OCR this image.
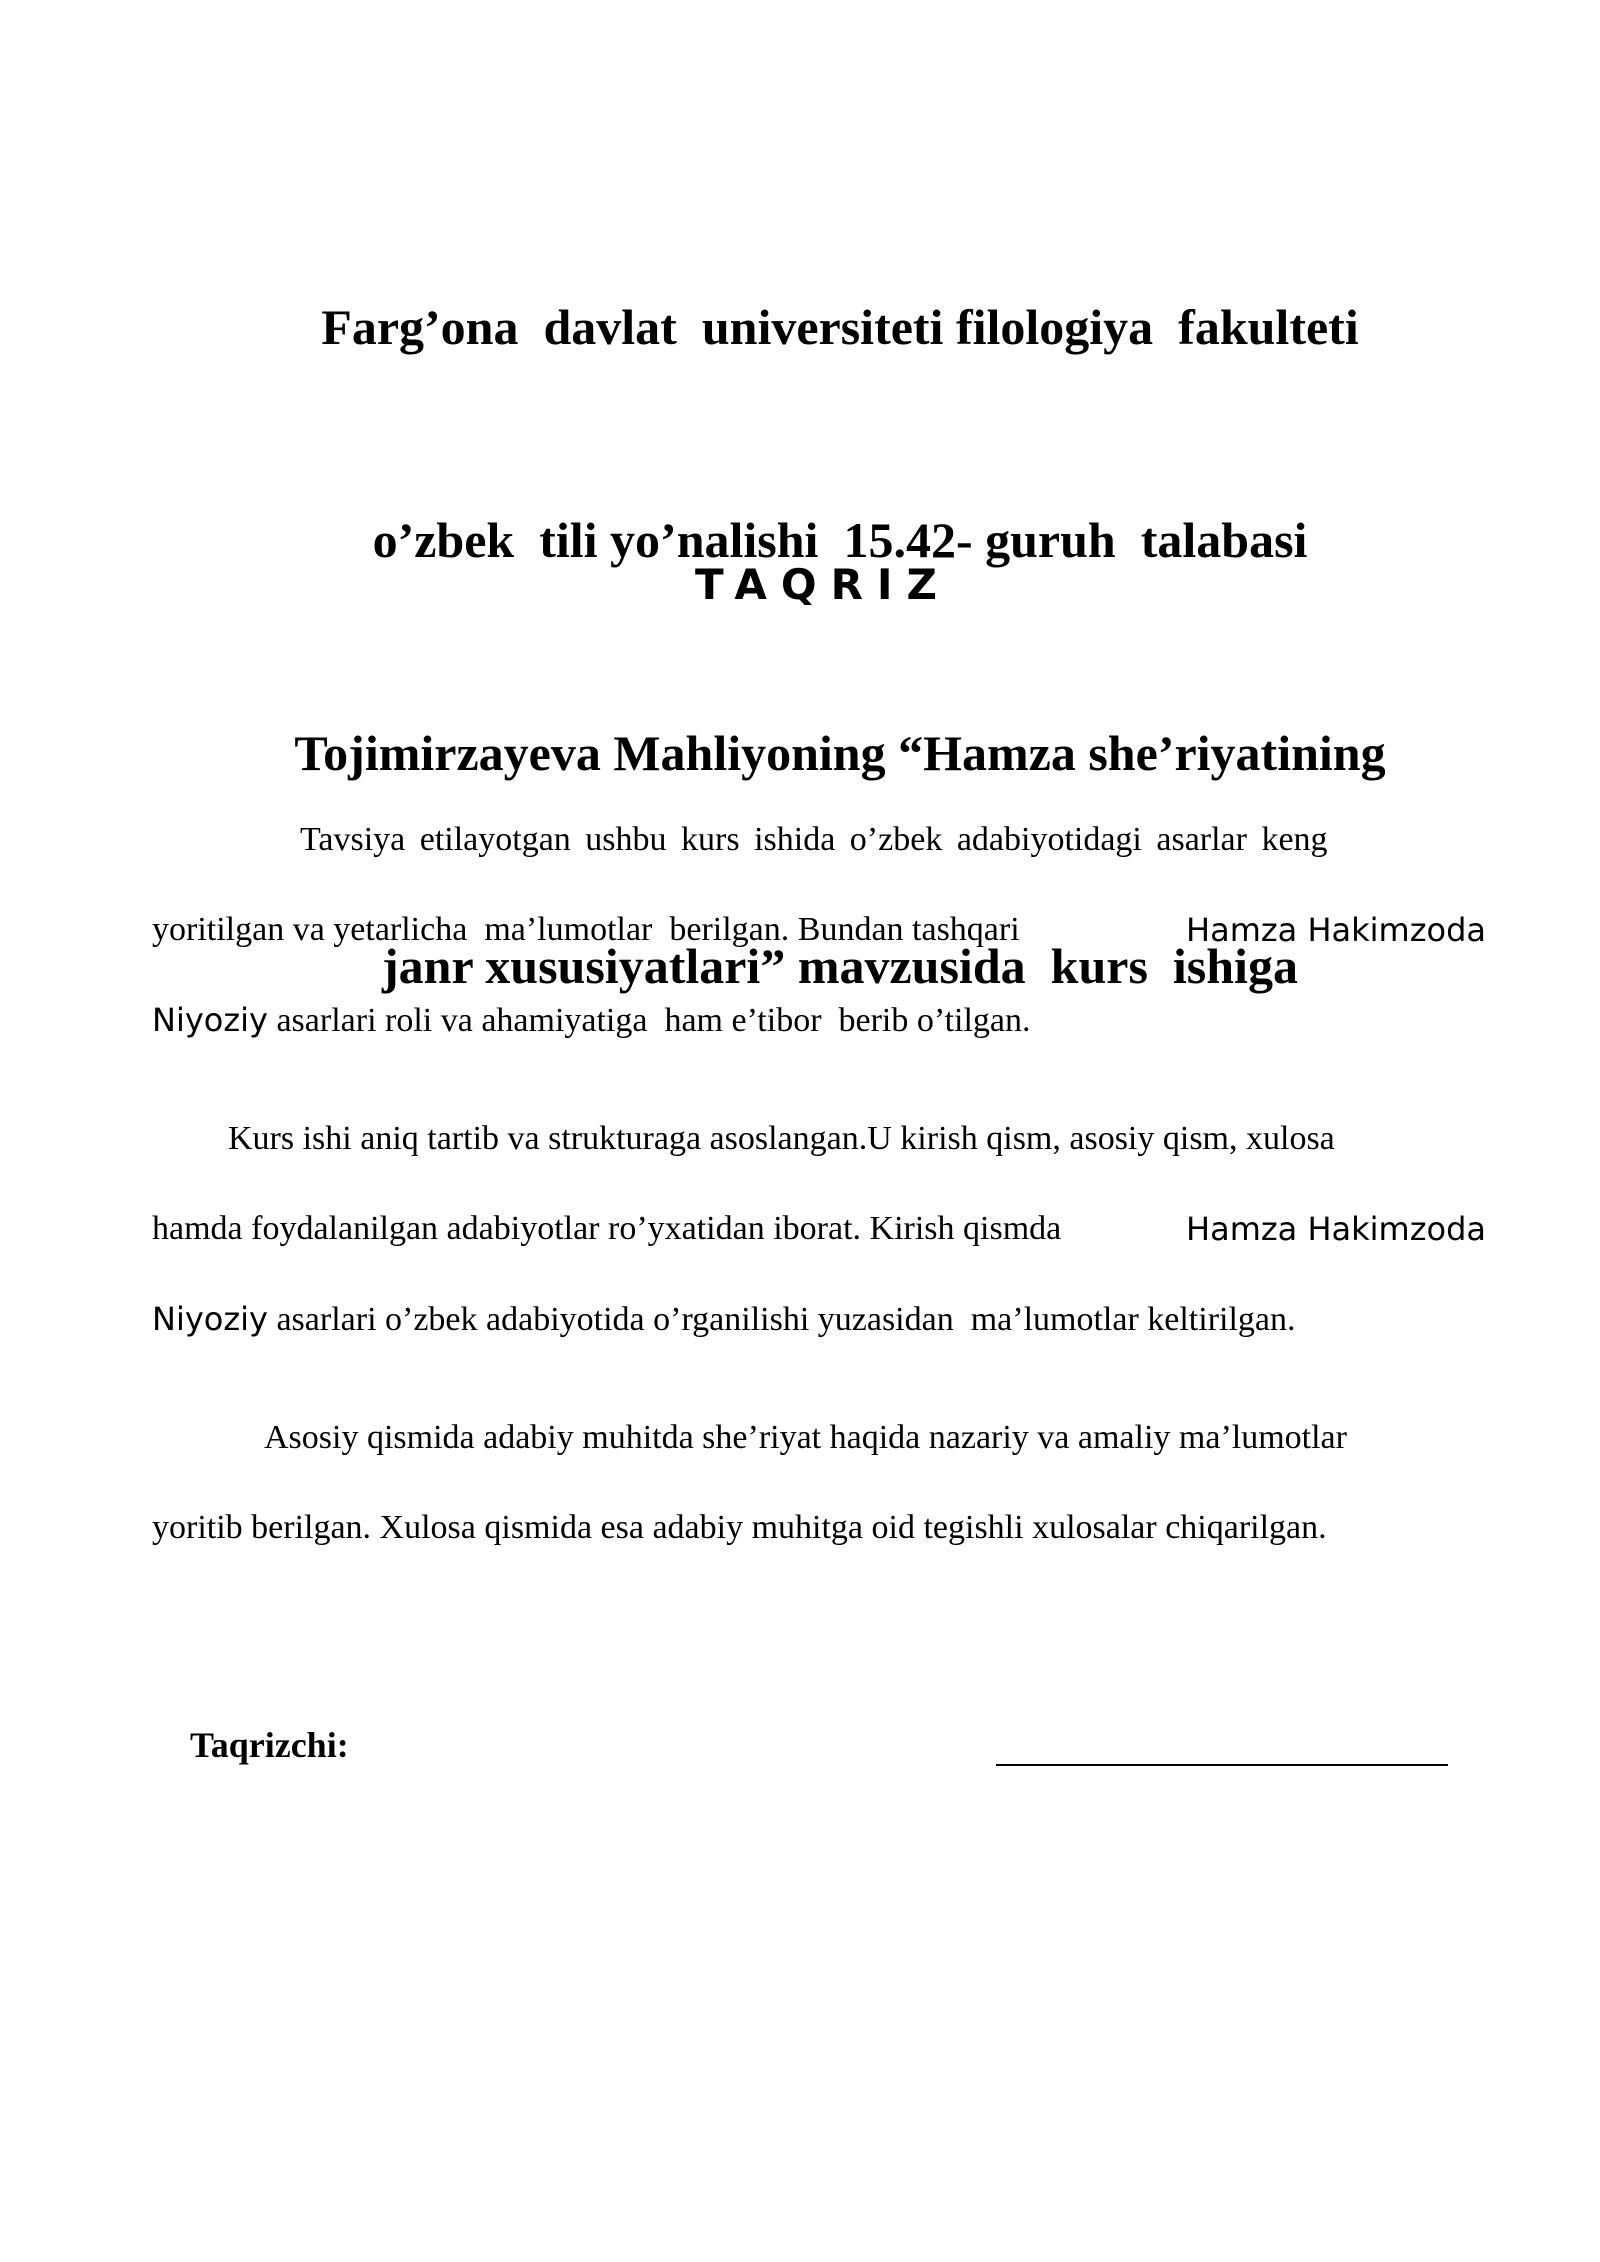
Farg’ona  davlat  universiteti filologiya  fakulteti

o’zbek  tili yo’nalishi  15.42- guruh  talabasi

Tojimirzayeva Mahliyoning “Hamza she’riyatining

janr xususiyatlari” mavzusida  kurs  ishiga

TAQRIZ
Tavsiya etilayotgan ushbu kurs ishida o’zbek adabiyotidagi asarlar keng
yoritilgan va yetarlicha  ma’lumotlar  berilgan. Bundan tashqari	Hamza Hakimzoda
Niyoziy asarlari roli va ahamiyatiga  ham e’tibor  berib o’tilgan.
Kurs ishi aniq tartib va strukturaga asoslangan.U kirish qism, asosiy qism, xulosa
hamda foydalanilgan adabiyotlar ro’yxatidan iborat. Kirish qismda	Hamza Hakimzoda
Niyoziy asarlari o’zbek adabiyotida o’rganilishi yuzasidan  ma’lumotlar keltirilgan.
Asosiy qismida adabiy muhitda she’riyat haqida nazariy va amaliy ma’lumotlar
yoritib berilgan. Xulosa qismida esa adabiy muhitga oid tegishli xulosalar chiqarilgan.
Taqrizchi:
